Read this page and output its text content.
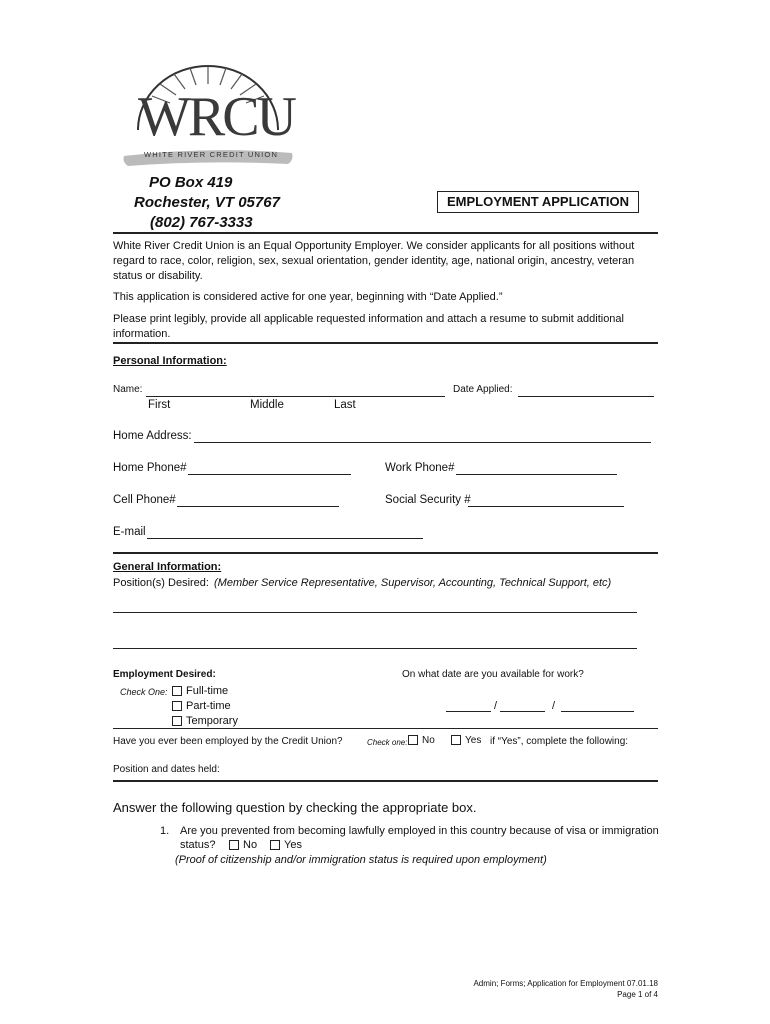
WRCU
WHITE RIVER CREDIT UNION
PO Box 419
Rochester, VT 05767
(802) 767-3333
EMPLOYMENT APPLICATION
White River Credit Union is an Equal Opportunity Employer. We consider applicants for all positions without regard to race, color, religion, sex, sexual orientation, gender identity, age, national origin, ancestry, veteran status or disability.
This application is considered active for one year, beginning with “Date Applied.”
Please print legibly, provide all applicable requested information and attach a resume to submit additional information.
Personal Information:
Name:	Date Applied:
First	Middle	Last
Home Address:
Home Phone#	Work Phone#
Cell Phone#	Social Security #
E-mail
General Information:
Position(s) Desired: (Member Service Representative, Supervisor, Accounting, Technical Support, etc)
Employment Desired:
Check One:	Full-time
Part-time
Temporary
On what date are you available for work?
/	/
Have you ever been employed by the Credit Union?	Check one:	No	Yes if “Yes”, complete the following:
Position and dates held:
Answer the following question by checking the appropriate box.
1. Are you prevented from becoming lawfully employed in this country because of visa or immigration
status?	No	Yes
(Proof of citizenship and/or immigration status is required upon employment)
Admin; Forms; Application for Employment 07.01.18
Page 1 of 4
